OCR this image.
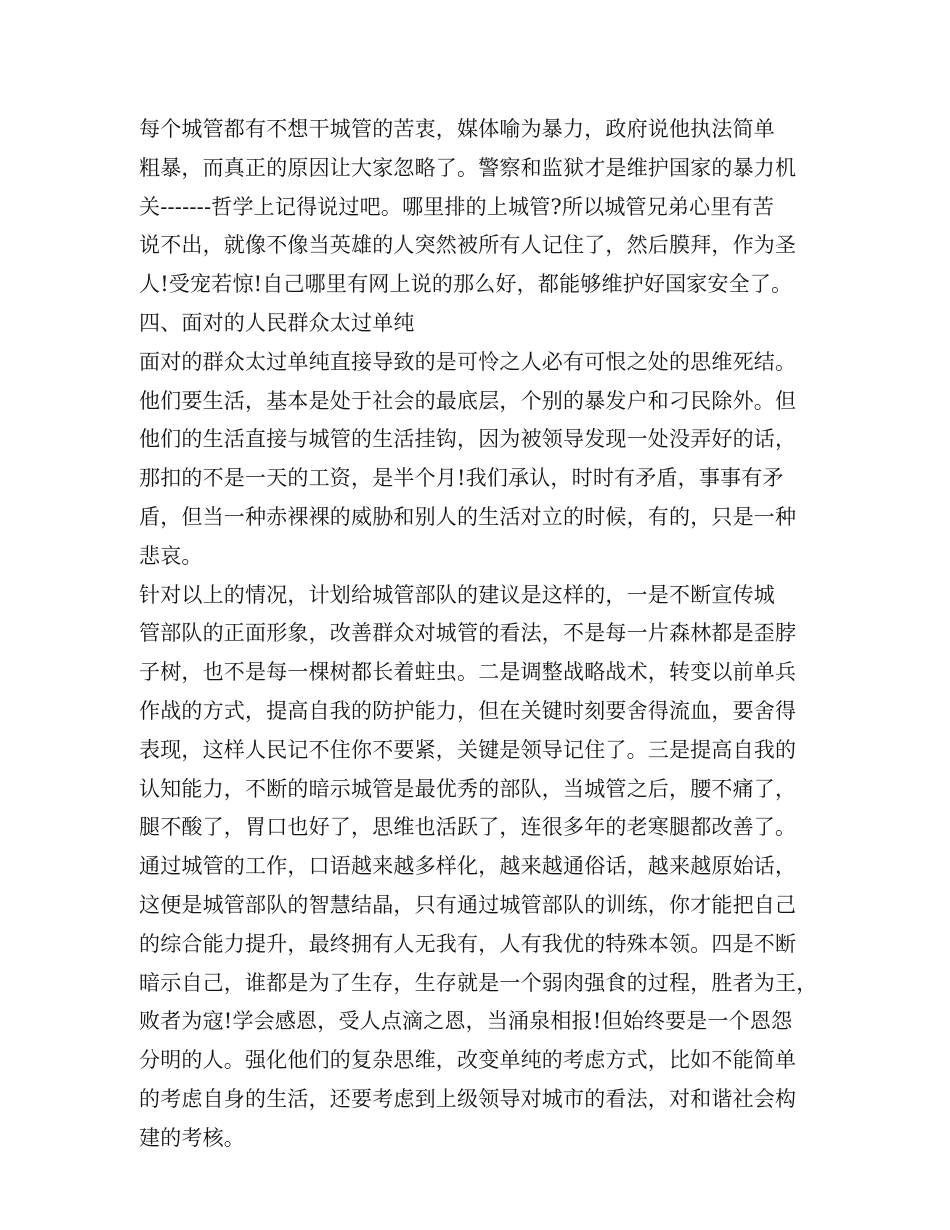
每个城管都有不想干城管的苦衷，媒体喻为暴力，政府说他执法简单
粗暴，而真正的原因让大家忽略了。警察和监狱才是维护国家的暴力机
关-------哲学上记得说过吧。哪里排的上城管?所以城管兄弟心里有苦
说不出，就像不像当英雄的人突然被所有人记住了，然后膜拜，作为圣
人!受宠若惊!自己哪里有网上说的那么好，都能够维护好国家安全了。
四、面对的人民群众太过单纯
面对的群众太过单纯直接导致的是可怜之人必有可恨之处的思维死结。
他们要生活，基本是处于社会的最底层，个别的暴发户和刁民除外。但
他们的生活直接与城管的生活挂钩，因为被领导发现一处没弄好的话，
那扣的不是一天的工资，是半个月!我们承认，时时有矛盾，事事有矛
盾，但当一种赤裸裸的威胁和别人的生活对立的时候，有的，只是一种
悲哀。
针对以上的情况，计划给城管部队的建议是这样的，一是不断宣传城
管部队的正面形象，改善群众对城管的看法，不是每一片森林都是歪脖
子树，也不是每一棵树都长着蛀虫。二是调整战略战术，转变以前单兵
作战的方式，提高自我的防护能力，但在关键时刻要舍得流血，要舍得
表现，这样人民记不住你不要紧，关键是领导记住了。三是提高自我的
认知能力，不断的暗示城管是最优秀的部队，当城管之后，腰不痛了，
腿不酸了，胃口也好了，思维也活跃了，连很多年的老寒腿都改善了。
通过城管的工作，口语越来越多样化，越来越通俗话，越来越原始话，
这便是城管部队的智慧结晶，只有通过城管部队的训练，你才能把自己
的综合能力提升，最终拥有人无我有，人有我优的特殊本领。四是不断
暗示自己，谁都是为了生存，生存就是一个弱肉强食的过程，胜者为王，
败者为寇!学会感恩，受人点滴之恩，当涌泉相报!但始终要是一个恩怨
分明的人。强化他们的复杂思维，改变单纯的考虑方式，比如不能简单
的考虑自身的生活，还要考虑到上级领导对城市的看法，对和谐社会构
建的考核。
